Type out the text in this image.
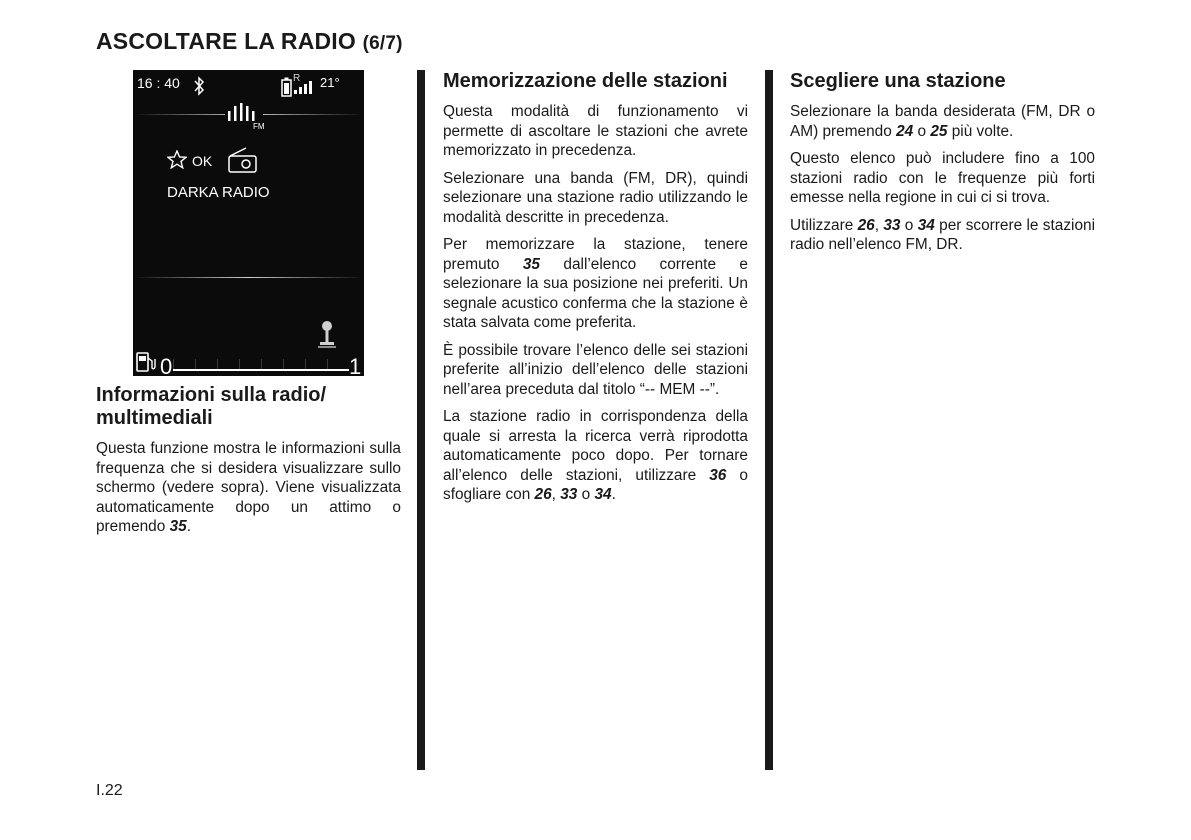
ASCOLTARE LA RADIO (6/7)
16 : 40	R 21°
FM
OK
DARKA RADIO
0	1
Informazioni sulla radio/ multimediali

Questa funzione mostra le informazioni sulla frequenza che si desidera visualizzare sullo schermo (vedere sopra). Viene visualizzata automaticamente dopo un attimo o premendo 35.

Memorizzazione delle stazioni

Questa modalità di funzionamento vi permette di ascoltare le stazioni che avrete memorizzato in precedenza.

Selezionare una banda (FM, DR), quindi selezionare una stazione radio utilizzando le modalità descritte in precedenza.

Per memorizzare la stazione, tenere premuto 35 dall’elenco corrente e selezionare la sua posizione nei preferiti. Un segnale acustico conferma che la stazione è stata salvata come preferita.

È possibile trovare l’elenco delle sei stazioni preferite all’inizio dell’elenco delle stazioni nell’area preceduta dal titolo “-- MEM --”.

La stazione radio in corrispondenza della quale si arresta la ricerca verrà riprodotta automaticamente poco dopo. Per tornare all’elenco delle stazioni, utilizzare 36 o sfogliare con 26, 33 o 34.

Scegliere una stazione

Selezionare la banda desiderata (FM, DR o AM) premendo 24 o 25 più volte.

Questo elenco può includere fino a 100 stazioni radio con le frequenze più forti emesse nella regione in cui ci si trova.

Utilizzare 26, 33 o 34 per scorrere le stazioni radio nell’elenco FM, DR.

I.22
